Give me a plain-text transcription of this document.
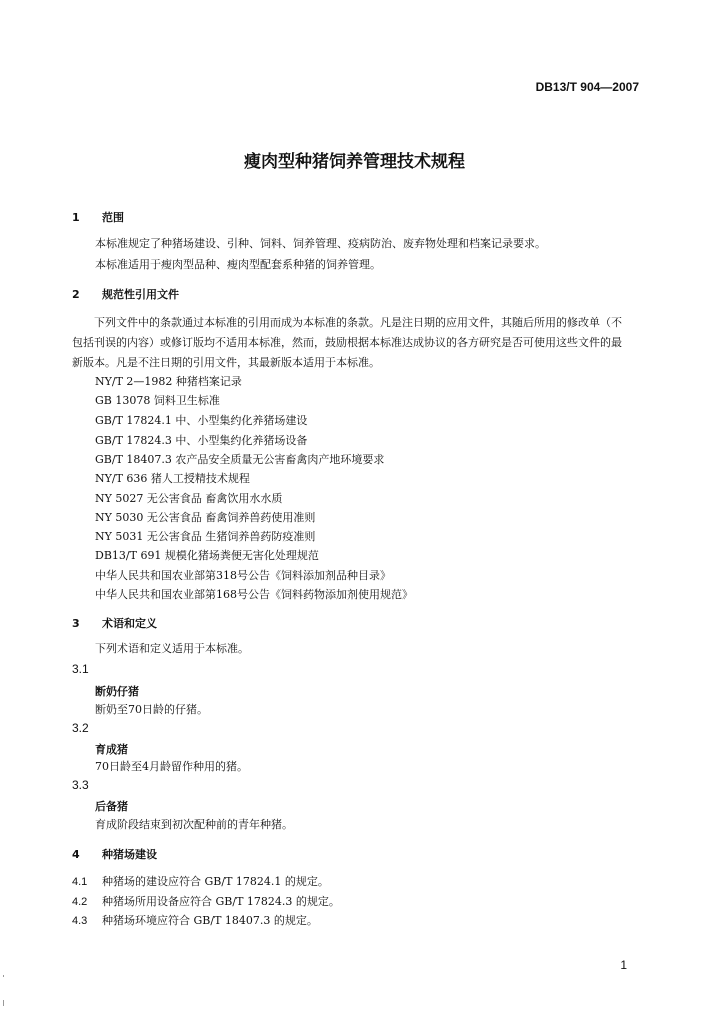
DB13/T 904—2007
瘦肉型种猪饲养管理技术规程
1 范围
本标准规定了种猪场建设、引种、饲料、饲养管理、疫病防治、废弃物处理和档案记录要求。
本标准适用于瘦肉型品种、瘦肉型配套系种猪的饲养管理。
2 规范性引用文件
下列文件中的条款通过本标准的引用而成为本标准的条款。凡是注日期的应用文件，其随后所用的修改单（不包括刊误的内容）或修订版均不适用本标准，然而，鼓励根据本标准达成协议的各方研究是否可使用这些文件的最新版本。凡是不注日期的引用文件，其最新版本适用于本标准。
NY/T 2—1982 种猪档案记录
GB 13078 饲料卫生标准
GB/T 17824.1 中、小型集约化养猪场建设
GB/T 17824.3 中、小型集约化养猪场设备
GB/T 18407.3 农产品安全质量无公害畜禽肉产地环境要求
NY/T 636 猪人工授精技术规程
NY 5027 无公害食品 畜禽饮用水水质
NY 5030 无公害食品 畜禽饲养兽药使用准则
NY 5031 无公害食品 生猪饲养兽药防疫准则
DB13/T 691 规模化猪场粪便无害化处理规范
中华人民共和国农业部第318号公告《饲料添加剂品种目录》
中华人民共和国农业部第168号公告《饲料药物添加剂使用规范》
3 术语和定义
下列术语和定义适用于本标准。
3.1
断奶仔猪
断奶至70日龄的仔猪。
3.2
育成猪
70日龄至4月龄留作种用的猪。
3.3
后备猪
育成阶段结束到初次配种前的青年种猪。
4 种猪场建设
4.1 种猪场的建设应符合 GB/T 17824.1 的规定。
4.2 种猪场所用设备应符合 GB/T 17824.3 的规定。
4.3 种猪场环境应符合 GB/T 18407.3 的规定。
1
